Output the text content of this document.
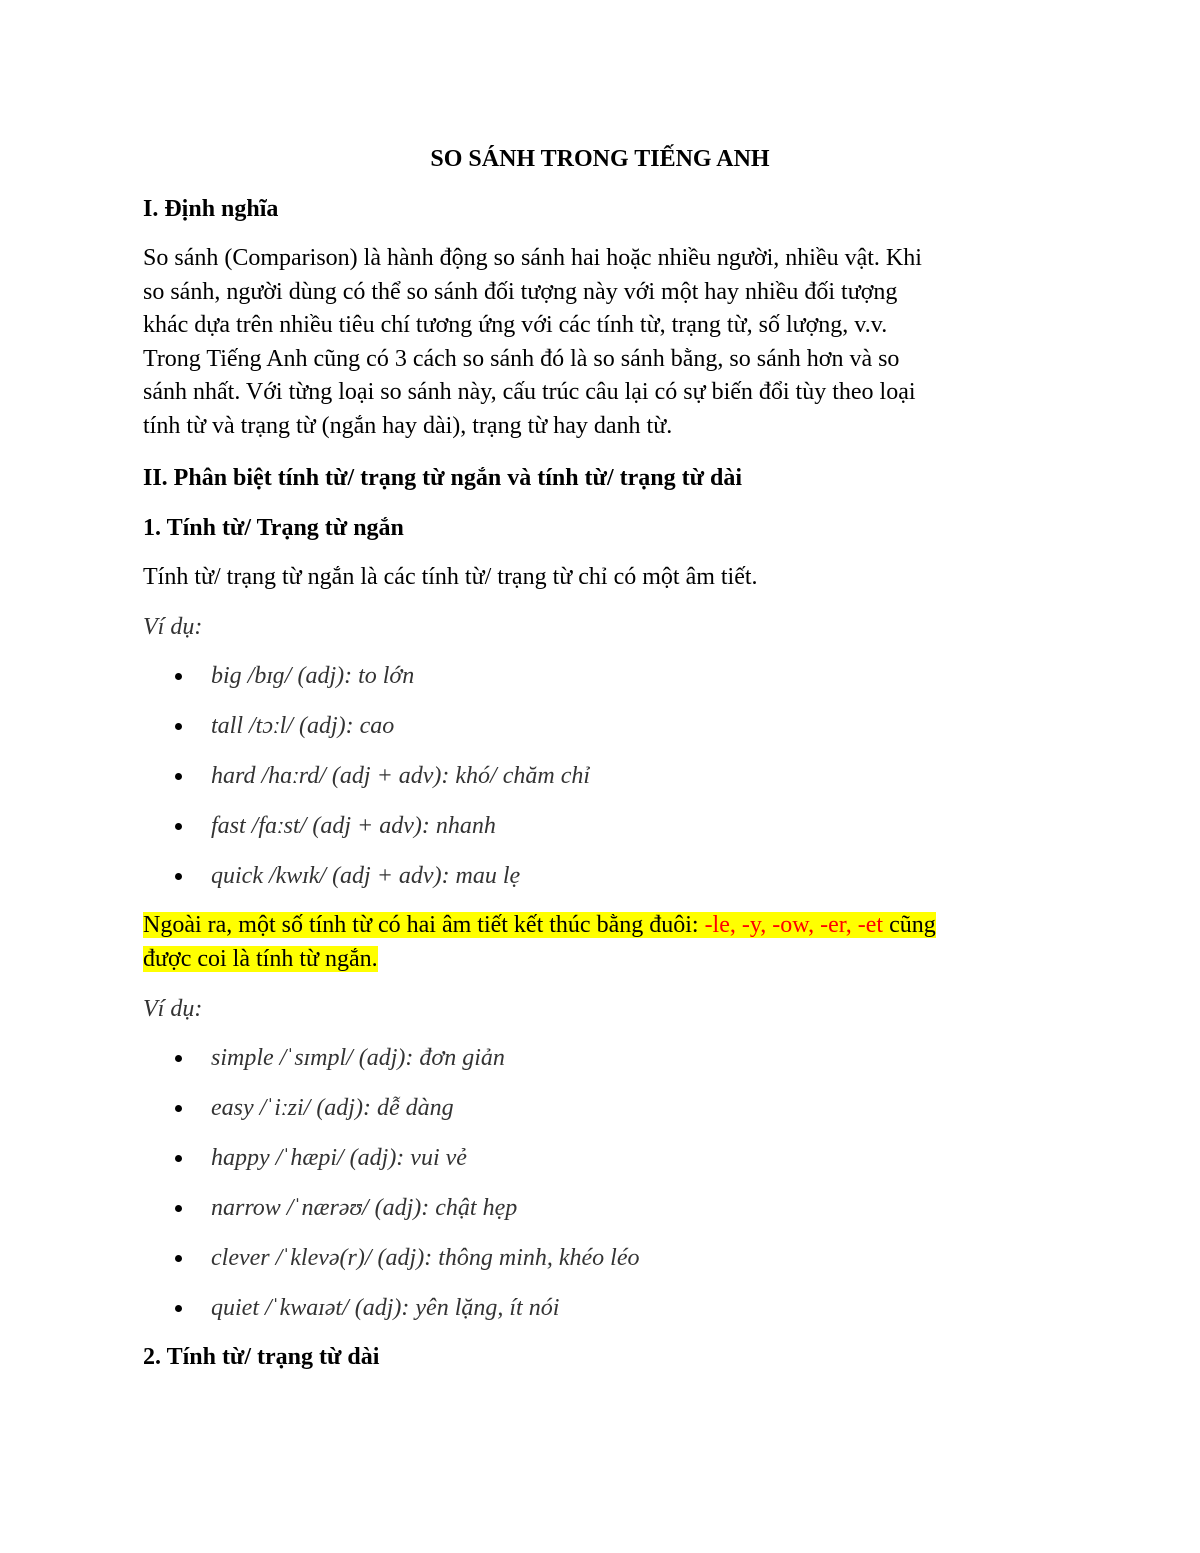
SO SÁNH TRONG TIẾNG ANH
I. Định nghĩa
So sánh (Comparison) là hành động so sánh hai hoặc nhiều người, nhiều vật. Khi
so sánh, người dùng có thể so sánh đối tượng này với một hay nhiều đối tượng
khác dựa trên nhiều tiêu chí tương ứng với các tính từ, trạng từ, số lượng, v.v.
Trong Tiếng Anh cũng có 3 cách so sánh đó là so sánh bằng, so sánh hơn và so
sánh nhất. Với từng loại so sánh này, cấu trúc câu lại có sự biến đổi tùy theo loại
tính từ và trạng từ (ngắn hay dài), trạng từ hay danh từ.
II. Phân biệt tính từ/ trạng từ ngắn và tính từ/ trạng từ dài
1. Tính từ/ Trạng từ ngắn
Tính từ/ trạng từ ngắn là các tính từ/ trạng từ chỉ có một âm tiết.
Ví dụ:
big /bɪɡ/ (adj): to lớn
tall /tɔːl/ (adj): cao
hard /hɑːrd/ (adj + adv): khó/ chăm chỉ
fast /fɑːst/ (adj + adv): nhanh
quick /kwɪk/ (adj + adv): mau lẹ
Ngoài ra, một số tính từ có hai âm tiết kết thúc bằng đuôi: -le, -y, -ow, -er, -et cũng
được coi là tính từ ngắn.
Ví dụ:
simple /ˈsɪmpl/ (adj): đơn giản
easy /ˈiːzi/ (adj): dễ dàng
happy /ˈhæpi/ (adj): vui vẻ
narrow /ˈnærəʊ/ (adj): chật hẹp
clever /ˈklevə(r)/ (adj): thông minh, khéo léo
quiet /ˈkwaɪət/ (adj): yên lặng, ít nói
2. Tính từ/ trạng từ dài
